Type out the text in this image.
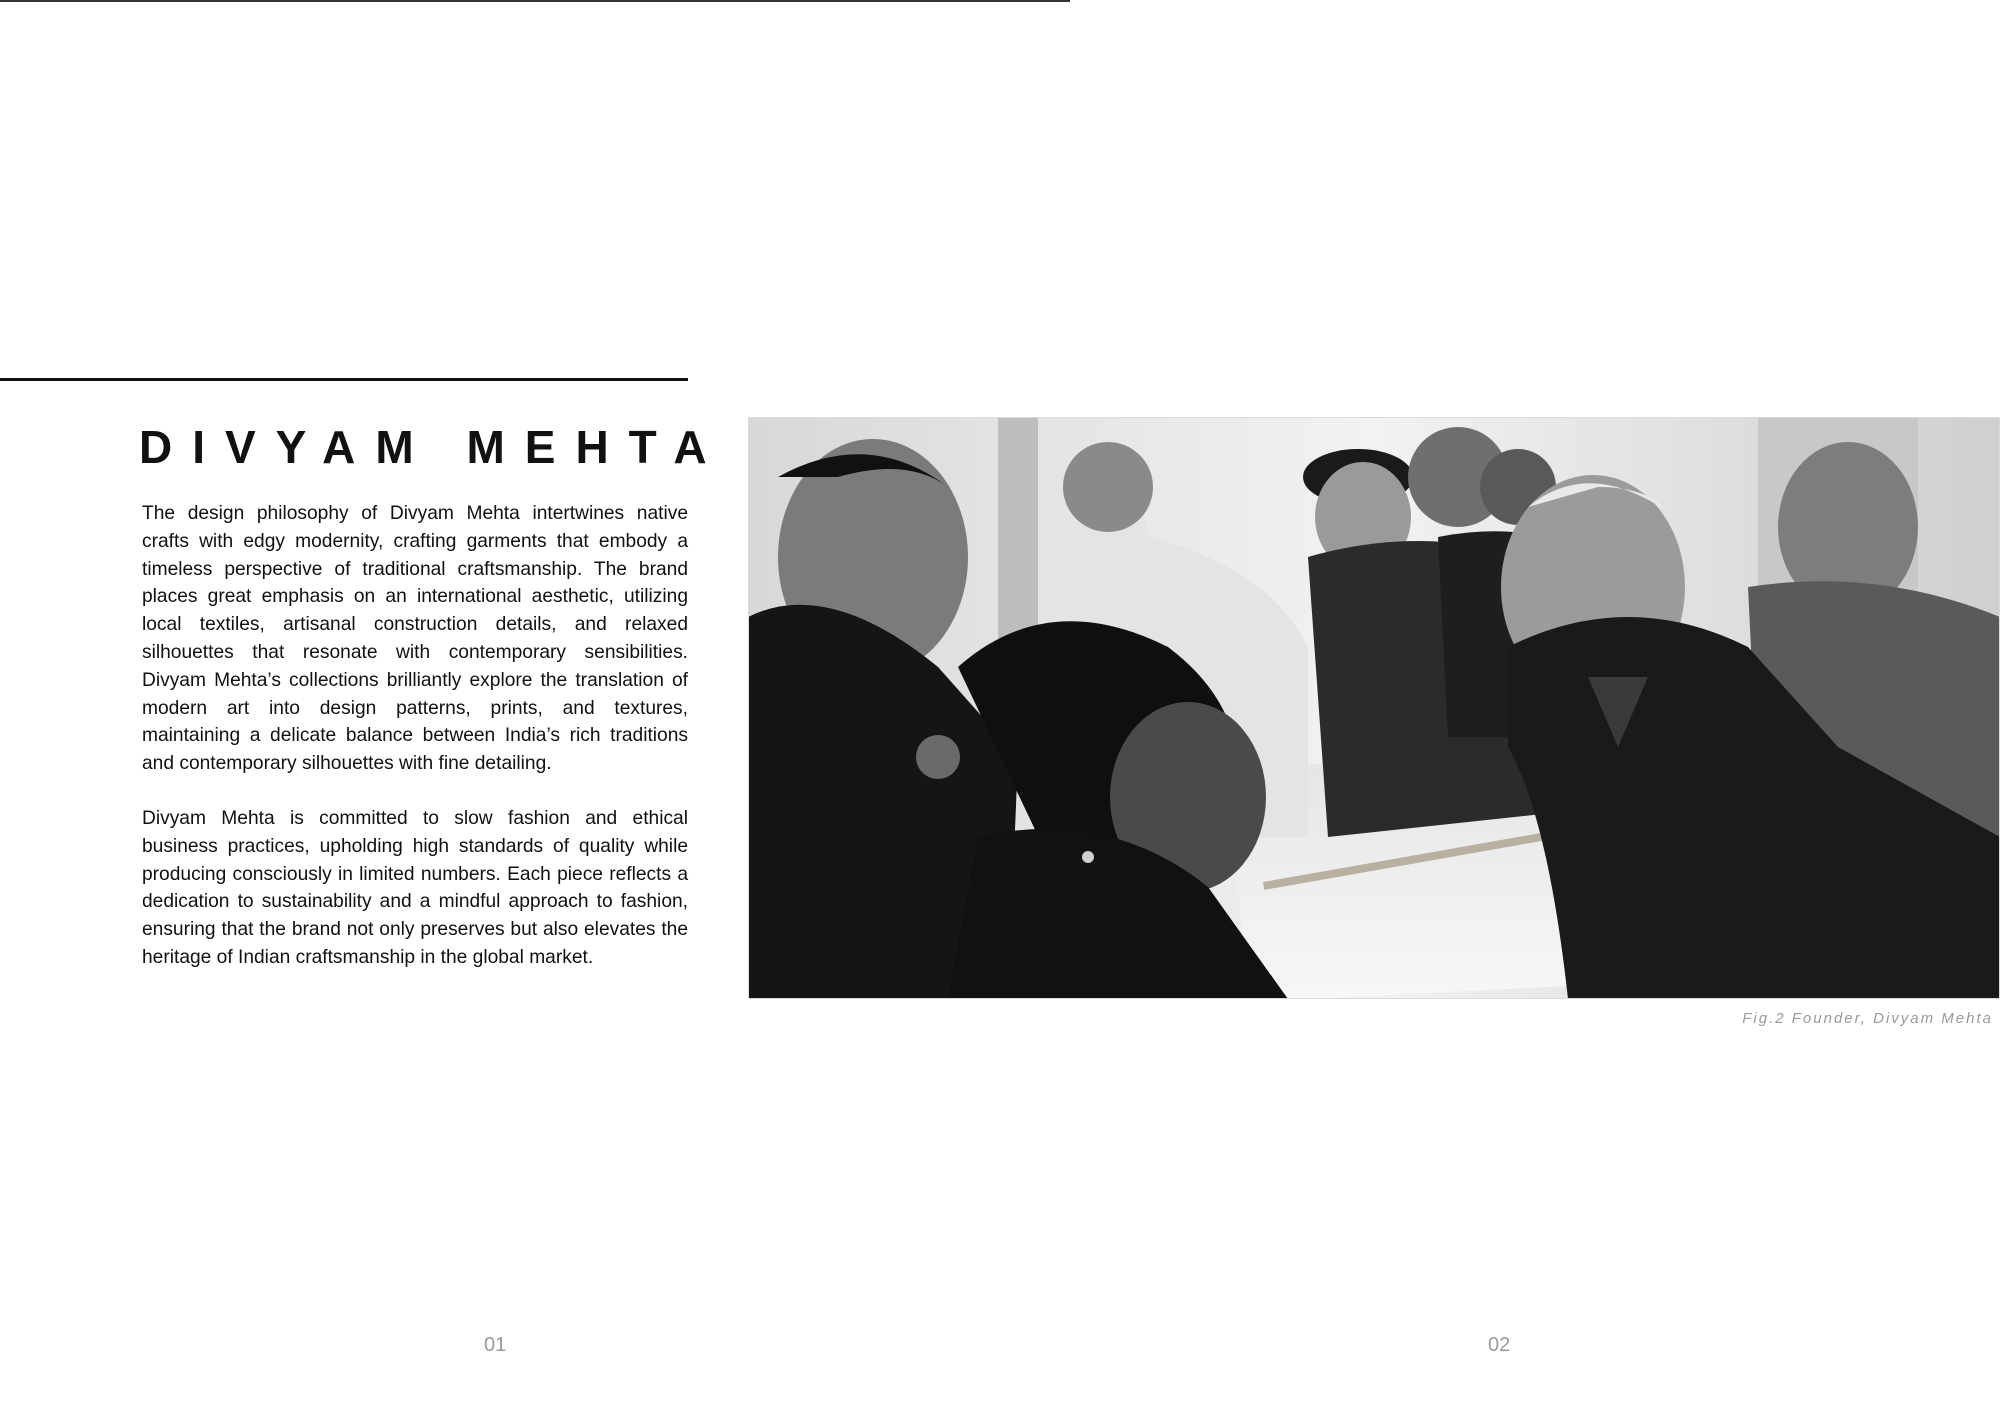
DIVYAM MEHTA

The design philosophy of Divyam Mehta intertwines native crafts with edgy modernity, crafting garments that embody a timeless perspective of traditional craftsmanship. The brand places great emphasis on an international aesthetic, utilizing local textiles, artisanal construction details, and relaxed silhouettes that resonate with contemporary sensibilities. Divyam Mehta’s collections brilliantly explore the translation of modern art into design patterns, prints, and textures, maintaining a delicate balance between India’s rich traditions and contemporary silhouettes with fine detailing.

Divyam Mehta is committed to slow fashion and ethical business practices, upholding high standards of quality while producing consciously in limited numbers. Each piece reflects a dedication to sustainability and a mindful approach to fashion, ensuring that the brand not only preserves but also elevates the heritage of Indian craftsmanship in the global market.

Fig.2 Founder, Divyam Mehta
01	02
